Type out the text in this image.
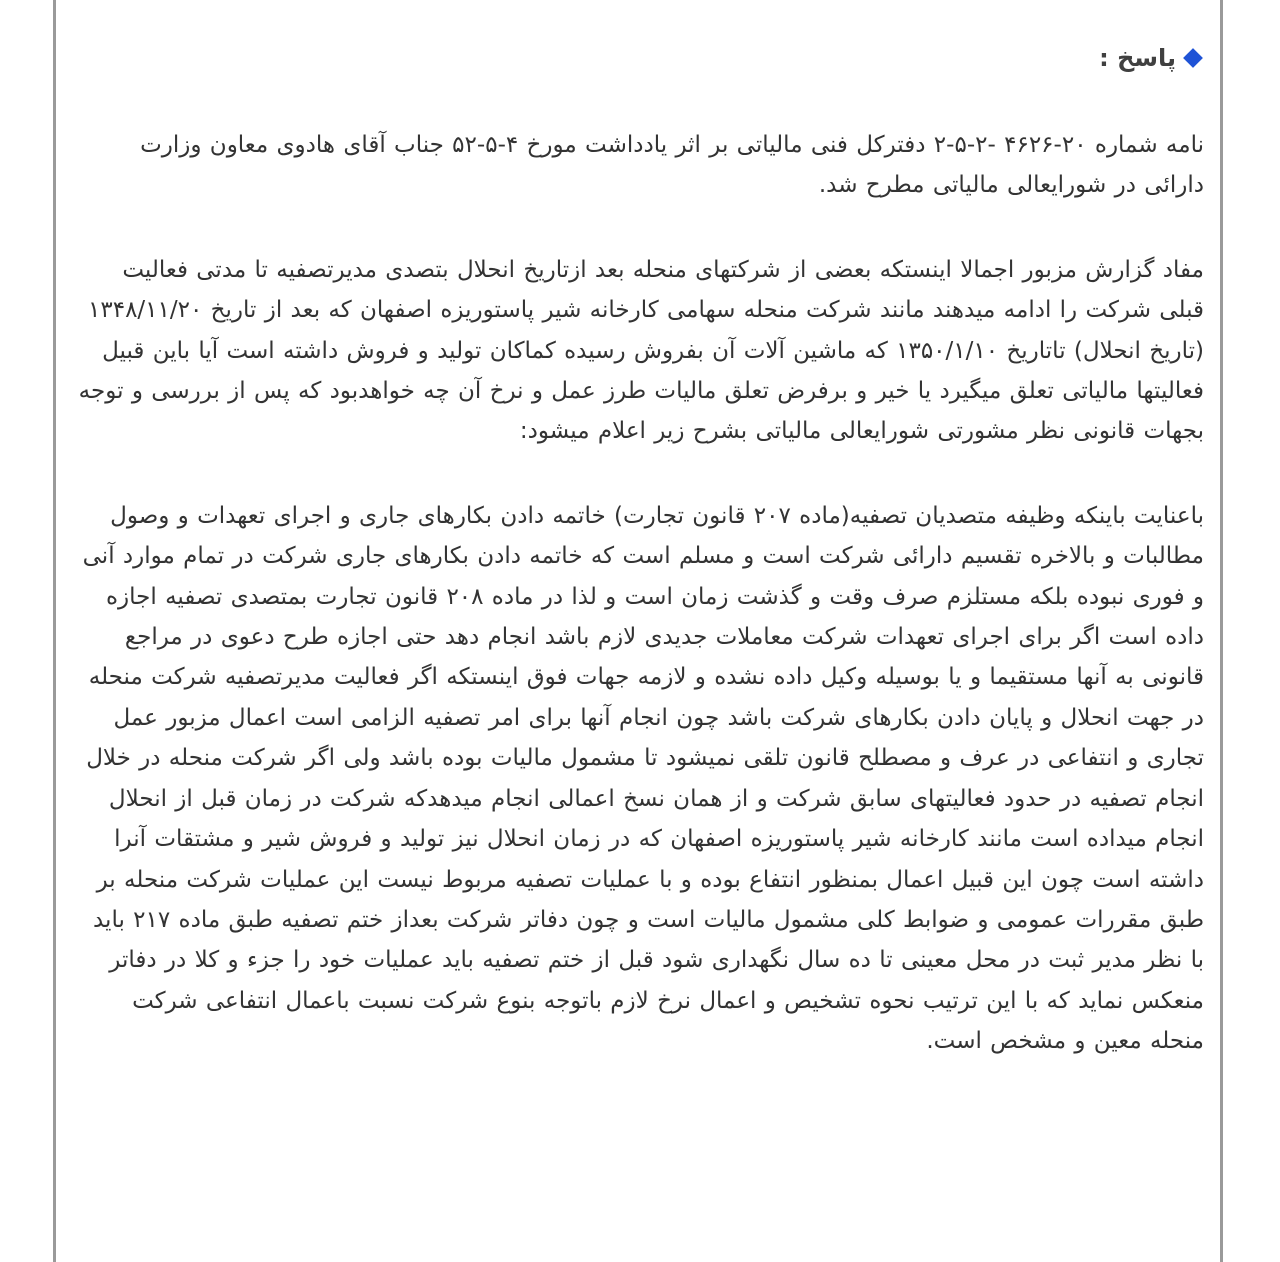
پاسخ :

نامه شماره ۲۰-۴۶۲۶ -۲-۵-۲ دفترکل فنی مالیاتی بر اثر یادداشت مورخ ۴-۵-۵۲ جناب آقای هادوی معاون وزارت دارائی در شورایعالی مالیاتی مطرح شد.

مفاد گزارش مزبور اجمالا اینستکه بعضی از شرکتهای منحله بعد ازتاریخ انحلال بتصدی مدیرتصفیه تا مدتی فعالیت قبلی شرکت را ادامه میدهند مانند شرکت منحله سهامی کارخانه شیر پاستوریزه اصفهان که بعد از تاریخ ۱۳۴۸/۱۱/۲۰ (تاریخ انحلال) تاتاریخ ۱۳۵۰/۱/۱۰ که ماشین آلات آن بفروش رسیده کماکان تولید و فروش داشته است آیا باین قبیل فعالیتها مالیاتی تعلق میگیرد یا خیر و برفرض تعلق مالیات طرز عمل و نرخ آن چه خواهدبود که پس از بررسی و توجه بجهات قانونی نظر مشورتی شورایعالی مالیاتی بشرح زیر اعلام میشود:

باعنایت باینکه وظیفه متصدیان تصفیه(ماده ۲۰۷ قانون تجارت) خاتمه دادن بکارهای جاری و اجرای تعهدات و وصول مطالبات و بالاخره تقسیم دارائی شرکت است و مسلم است که خاتمه دادن بکارهای جاری شرکت در تمام موارد آنی و فوری نبوده بلکه مستلزم صرف وقت و گذشت زمان است و لذا در ماده ۲۰۸ قانون تجارت بمتصدی تصفیه اجازه داده است اگر برای اجرای تعهدات شرکت معاملات جدیدی لازم باشد انجام دهد حتی اجازه طرح دعوی در مراجع قانونی به آنها مستقیما و یا بوسیله وکیل داده نشده و لازمه جهات فوق اینستکه اگر فعالیت مدیرتصفیه شرکت منحله در جهت انحلال و پایان دادن بکارهای شرکت باشد چون انجام آنها برای امر تصفیه الزامی است اعمال مزبور عمل تجاری و انتفاعی در عرف و مصطلح قانون تلقی نمیشود تا مشمول مالیات بوده باشد ولی اگر شرکت منحله در خلال انجام تصفیه در حدود فعالیتهای سابق شرکت و از همان نسخ اعمالی انجام میدهدکه شرکت در زمان قبل از انحلال انجام میداده است مانند کارخانه شیر پاستوریزه اصفهان که در زمان انحلال نیز تولید و فروش شیر و مشتقات آنرا داشته است چون این قبیل اعمال بمنظور انتفاع بوده و با عملیات تصفیه مربوط نیست این عملیات شرکت منحله بر طبق مقررات عمومی و ضوابط کلی مشمول مالیات است و چون دفاتر شرکت بعداز ختم تصفیه طبق ماده ۲۱۷ باید با نظر مدیر ثبت در محل معینی تا ده سال نگهداری شود قبل از ختم تصفیه باید عملیات خود را جزء و کلا در دفاتر منعکس نماید که با این ترتیب نحوه تشخیص و اعمال نرخ لازم باتوجه بنوع شرکت نسبت باعمال انتفاعی شرکت منحله معین و مشخص است.
